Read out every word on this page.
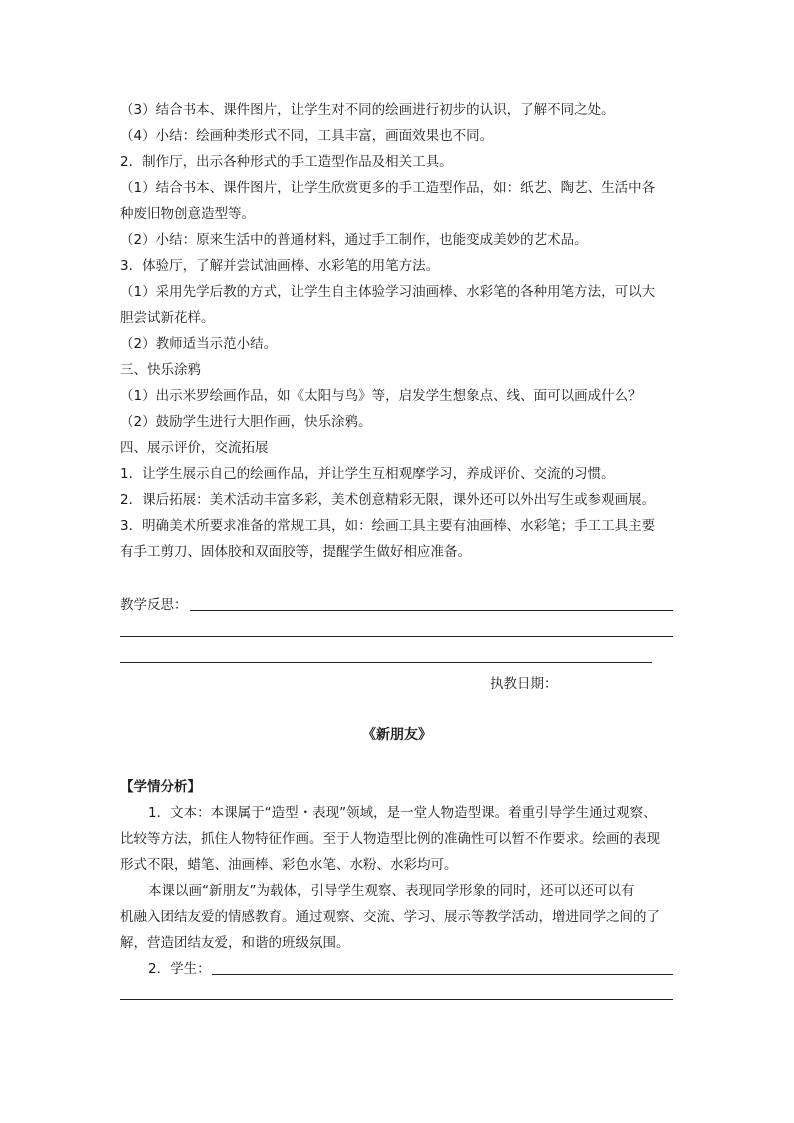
（3）结合书本、课件图片，让学生对不同的绘画进行初步的认识，了解不同之处。
（4）小结：绘画种类形式不同，工具丰富，画面效果也不同。
2．制作厅，出示各种形式的手工造型作品及相关工具。
（1）结合书本、课件图片，让学生欣赏更多的手工造型作品，如：纸艺、陶艺、生活中各
种废旧物创意造型等。
（2）小结：原来生活中的普通材料，通过手工制作，也能变成美妙的艺术品。
3．体验厅，了解并尝试油画棒、水彩笔的用笔方法。
（1）采用先学后教的方式，让学生自主体验学习油画棒、水彩笔的各种用笔方法，可以大
胆尝试新花样。
（2）教师适当示范小结。
三、快乐涂鸦
（1）出示米罗绘画作品，如《太阳与鸟》等，启发学生想象点、线、面可以画成什么？
（2）鼓励学生进行大胆作画，快乐涂鸦。
四、展示评价，交流拓展
1．让学生展示自己的绘画作品，并让学生互相观摩学习，养成评价、交流的习惯。
2．课后拓展：美术活动丰富多彩，美术创意精彩无限，课外还可以外出写生或参观画展。
3．明确美术所要求准备的常规工具，如：绘画工具主要有油画棒、水彩笔；手工工具主要
有手工剪刀、固体胶和双面胶等，提醒学生做好相应准备。
教学反思：
执教日期：
《新朋友》
【学情分析】
1．文本：本课属于“造型・表现”领域，是一堂人物造型课。着重引导学生通过观察、
比较等方法，抓住人物特征作画。至于人物造型比例的准确性可以暂不作要求。绘画的表现
形式不限，蜡笔、油画棒、彩色水笔、水粉、水彩均可。
本课以画“新朋友”为载体，引导学生观察、表现同学形象的同时，还可以还可以有
机融入团结友爱的情感教育。通过观察、交流、学习、展示等教学活动，增进同学之间的了
解，营造团结友爱，和谐的班级氛围。
2．学生：
